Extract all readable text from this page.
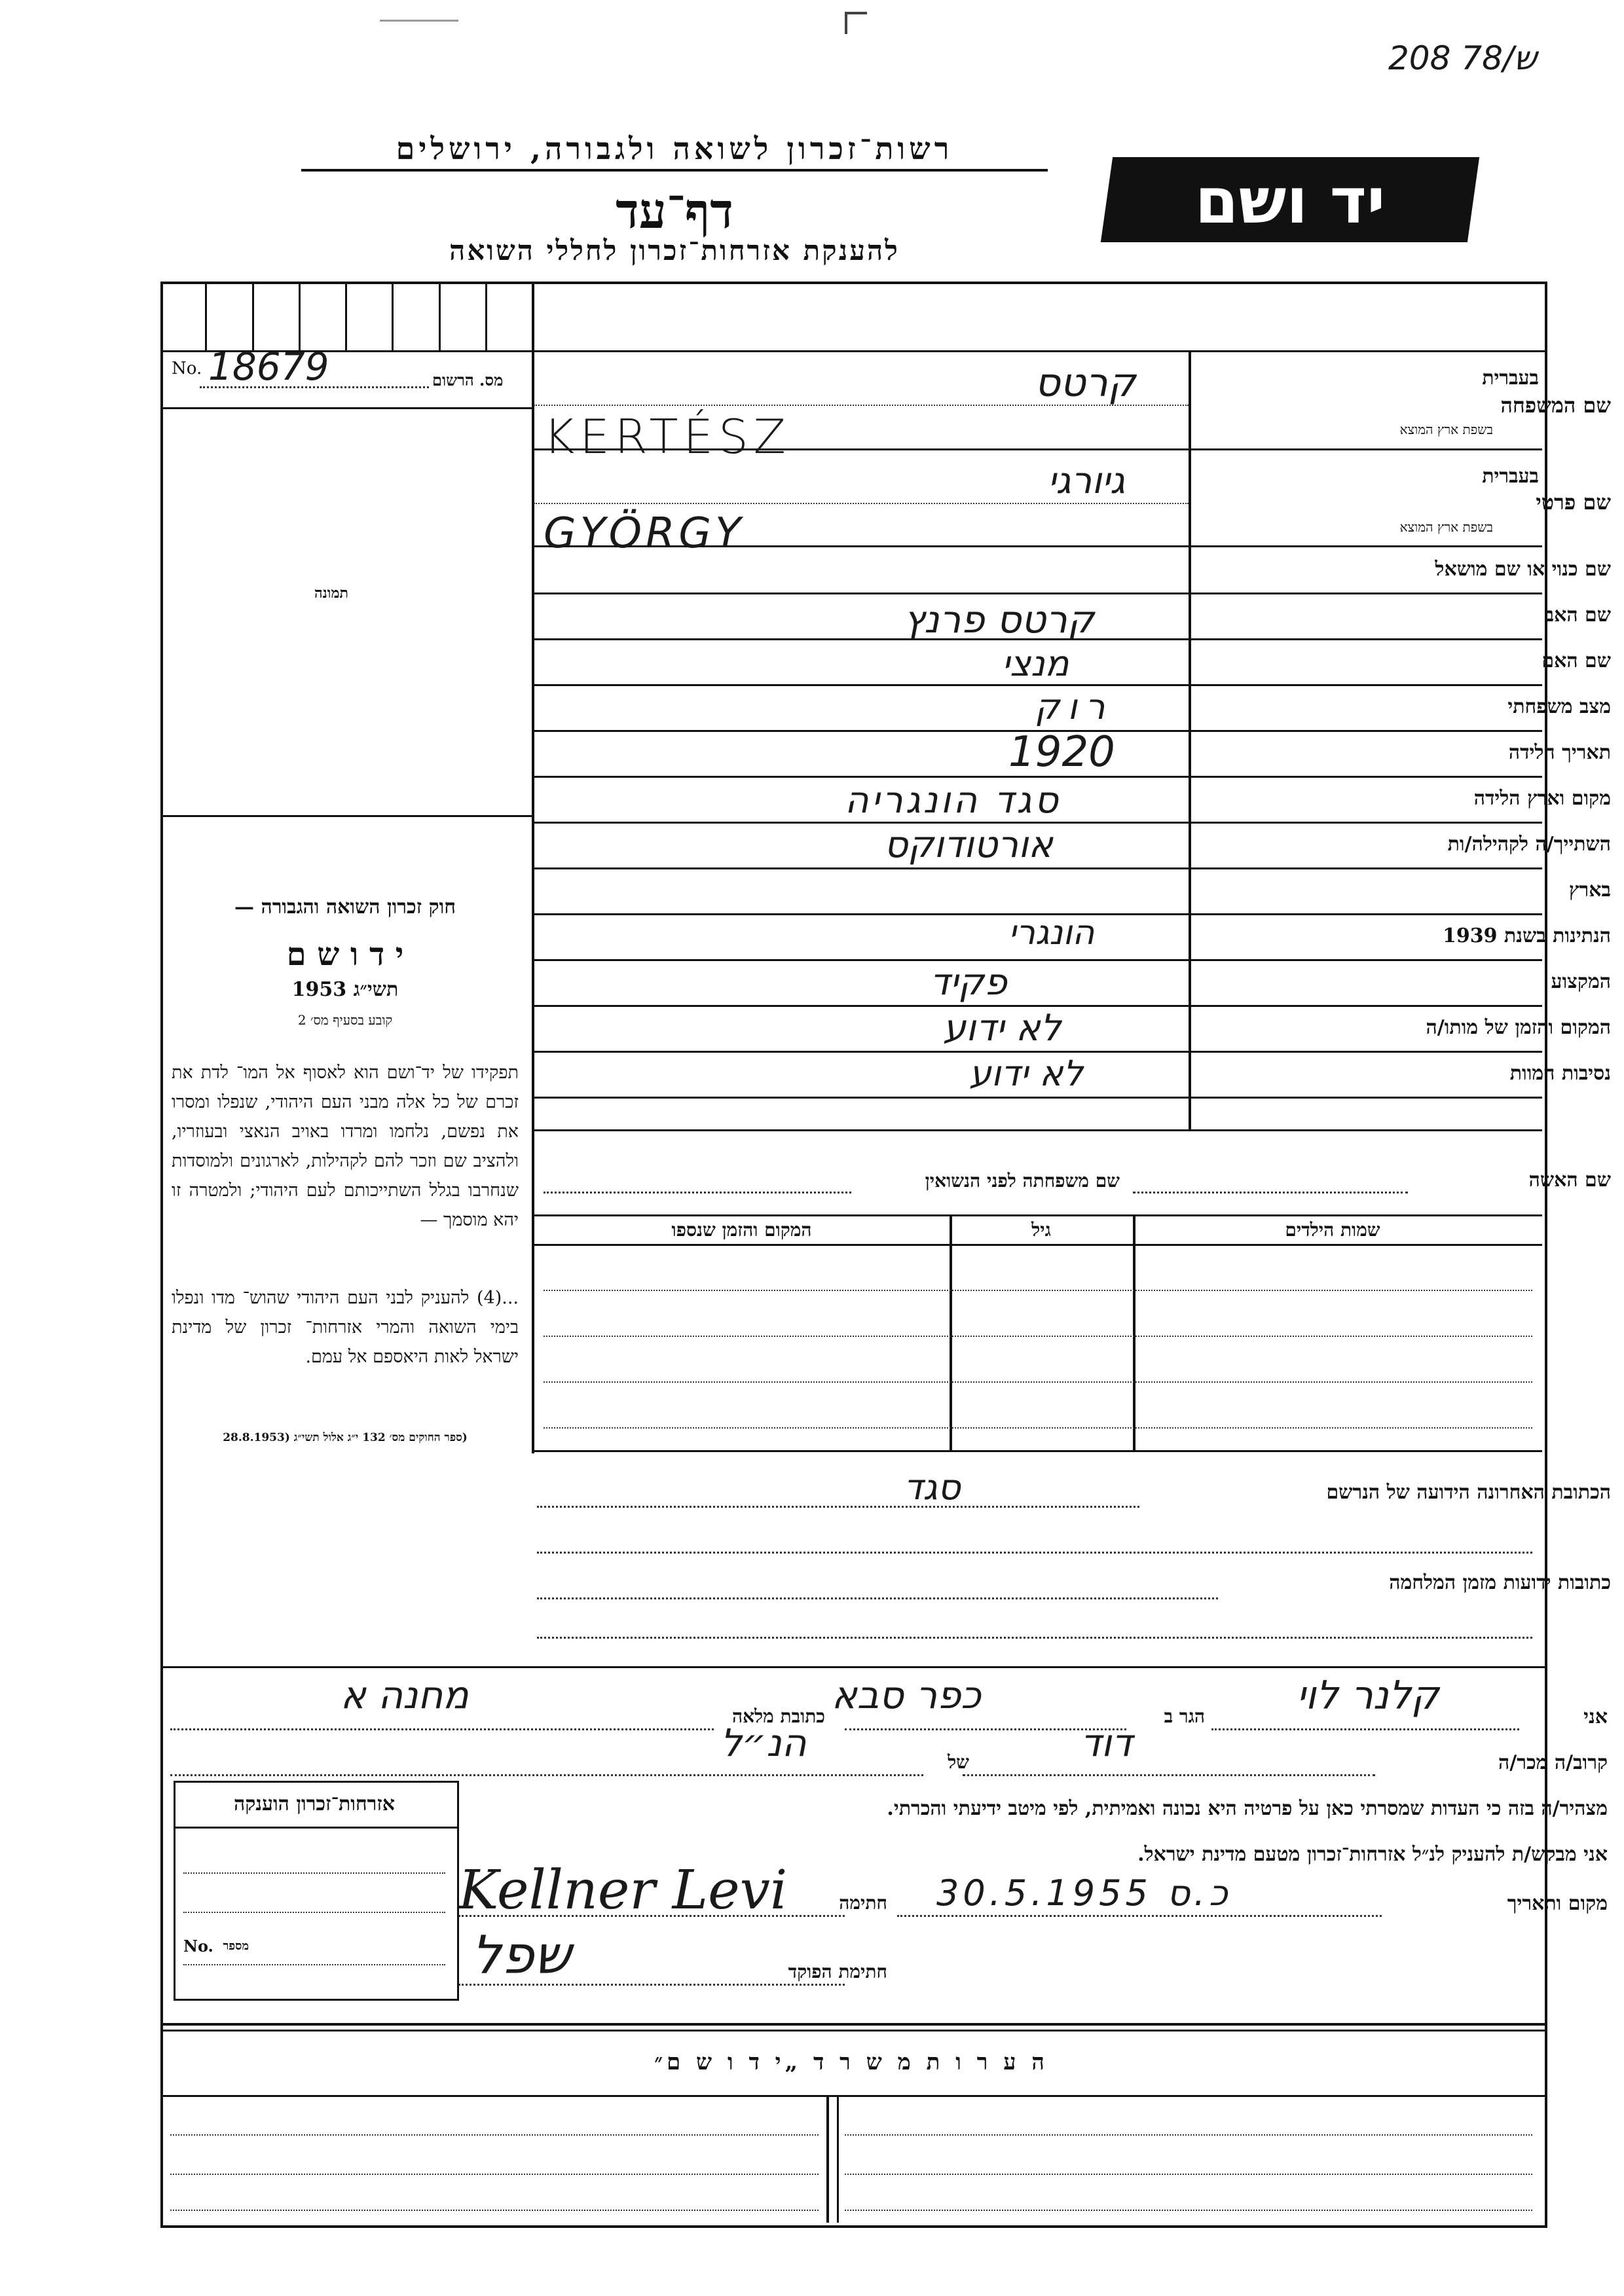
208 ש/78
רשות־זכרון לשואה ולגבורה, ירושלים
דף־עד
להענקת אזרחות־זכרון לחללי השואה
יד ושם
No. 18679	מס. הרשום
תמונה
חוק זכרון השואה והגבורה —
י ד ו ש ם
תשי״ג 1953
קובע בסעיף מס׳ 2
תפקידו של יד־ושם הוא לאסוף אל המו־ לדת את זכרם של כל אלה מבני העם היהודי, שנפלו ומסרו את נפשם, נלחמו ומרדו באויב הנאצי ובעוזריו, ולהציב שם וזכר להם לקהילות, לארגונים ולמוסדות שנחרבו בגלל השתייכותם לעם היהודי; ולמטרה זו יהא מוסמך —
...(4) להעניק לבני העם היהודי שהוש־ מדו ונפלו בימי השואה והמרי אזרחות־ זכרון של מדינת ישראל לאות היאספם אל עמם.
(ספר החוקים מס׳ 132 י״ג אלול תשי״ג (28.8.1953
בעברית
שם המשפחה
בשפת ארץ המוצא
קרטס
KERTÉSZ
בעברית
שם פרטי
בשפת ארץ המוצא
גיורגי
GYÖRGY
שם כנוי או שם מושאל
שם האב
קרטס פרנץ
שם האם
מנצי
מצב משפחתי
רוק
תאריך הלידה
1920
מקום וארץ הלידה
סגד הונגריה
השתייך/ה לקהילה/ות
אורטודוקס
בארץ
הנתינות בשנת 1939
הונגרי
המקצוע
פקיד
המקום והזמן של מותו/ה
לא ידוע
נסיבות המוות
לא ידוע
שם האשה
שם משפחתה לפני הנשואין
שמות הילדים
גיל
המקום והזמן שנספו
הכתובת האחרונה הידועה של הנרשם
סגד
כתובות ידועות מזמן המלחמה
אני
קלנר לוי
הגר ב
כפר סבא
כתובת מלאה
מחנה א
קרוב/ה מכר/ה
דוד
של
הנ״ל
מצהיר/ה בזה כי העדות שמסרתי כאן על פרטיה היא נכונה ואמיתית, לפי מיטב ידיעתי והכרתי.
אני מבקש/ת להעניק לנ״ל אזרחות־זכרון מטעם מדינת ישראל.
מקום ותאריך
30.5.1955 כ.ס
חתימה
Kellner Levi
חתימת הפוקד
שפל
אזרחות־זכרון הוענקה
No. מספר
ה ע ר ו ת מ ש ר ד „י ד ו ש ם״
